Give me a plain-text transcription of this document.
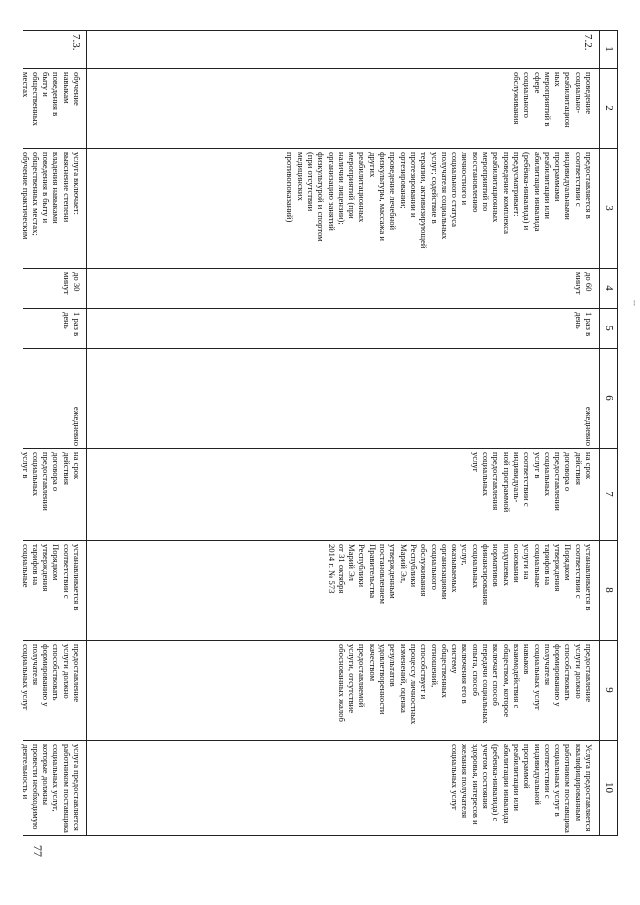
--
1
2
3
4
5
6
7
8
9
10
7.2.
проведение
социально-
реабилитацион
ных
мероприятий в
сфере
социального
обслуживания
предоставляется в
соответствии с
индивидуальными
программами
реабилитации или
абилитации инвалида
(ребёнка-инвалида) и
предусматривает:
проведение комплекса
реабилитационных
мероприятий по
восстановлению
личностного и
социального статуса
получателя социальных
услуг; содействие в
терапии, активизирующей
протезировании и
ортезировании;
проведение лечебной
физкультуры, массажа и
других
реабилитационных
мероприятий (при
наличии лицензии);
организацию занятий
физкультурой и спортом
(при отсутствии
медицинских
противопоказаний)
до 60
минут
1 раз в
день
ежедневно
на срок
действия
договора о
предоставлении
социальных
услуг в
соответствии с
индивидуаль-
ной программой
предоставления
социальных
услуг
устанавливается в
соответствии с
Порядком
утверждения
тарифов на
социальные
услуги на
основании
подушевых
нормативов
финансирования
социальных
услуг,
оказываемых
организациями
социального
обслуживания
Республики
Марий Эл,
утвержденным
постановлением
Правительства
Республики
Марий Эл
от 31 октября
2014 г. № 573
предоставление
услуги должно
способствовать
формированию у
получателя
социальных услуг
навыков
взаимодействия с
обществом, которое
включает способ
передачи социальных
опыта, способ
включения его в
систему
общественных
отношений,
способствует и
процессу личностных
изменений, оценка
результатов
удовлетворенности
качеством
предоставляемой
услуги, отсутствие
обоснованных жалоб
Услуга предоставляется
квалифицированным
работником поставщика
социальных услуг в
соответствии с
индивидуальной
программой
реабилитации или
абилитации инвалида
(ребенка-инвалида) с
учетом состояния
здоровья, интересов и
желания получателя
социальных услуг
7.3.
обучение
навыкам
поведения в
быту и
общественных
местах
услуга включает:
выяснение степени
владения навыками
поведения в быту и
общественных местах;
обучение практическим
до 30
минут
1 раз в
день
ежедневно
на срок
действия
договора о
предоставлении
социальных
услуг в
устанавливается в
соответствии с
Порядком
утверждения
тарифов на
социальные
предоставление
услуги должно
способствовать
формированию у
получателя
социальных услуг
услуга предоставляется
работником поставщика
социальных услуг,
которые должны
провести необходимую
деятельность и
77
